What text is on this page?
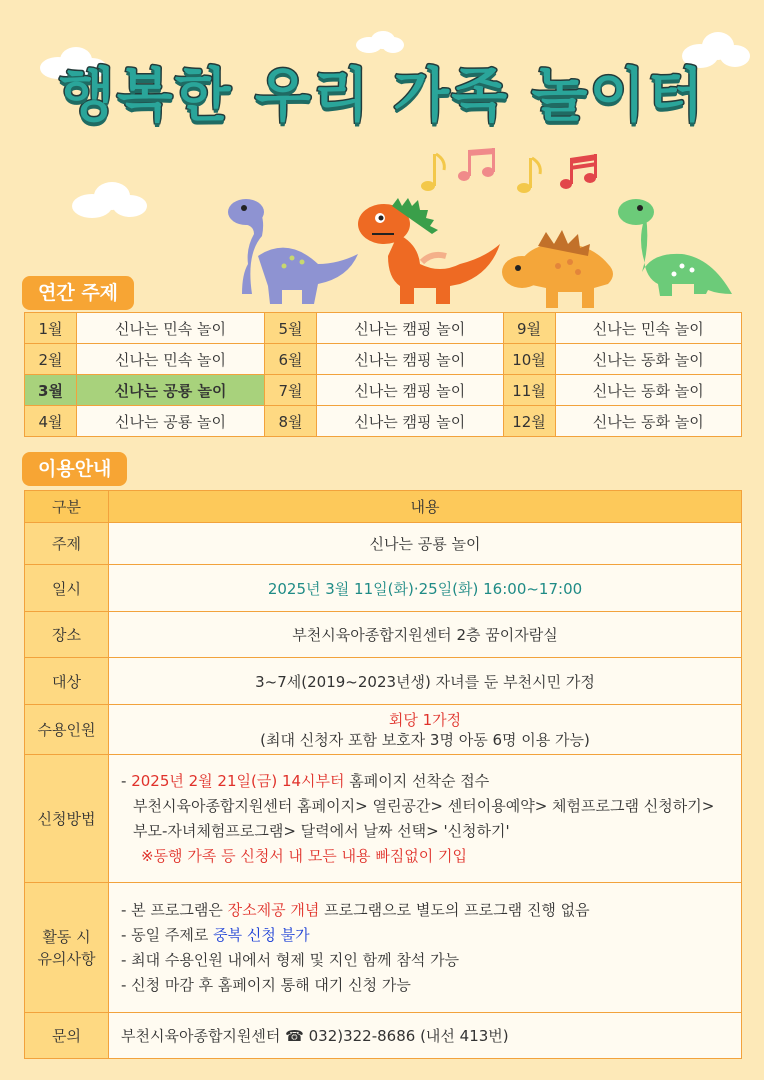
행복한 우리 가족 놀이터
연간 주제
1월	신나는 민속 놀이	5월	신나는 캠핑 놀이	9월	신나는 민속 놀이
2월	신나는 민속 놀이	6월	신나는 캠핑 놀이	10월	신나는 동화 놀이
3월	신나는 공룡 놀이	7월	신나는 캠핑 놀이	11월	신나는 동화 놀이
4월	신나는 공룡 놀이	8월	신나는 캠핑 놀이	12월	신나는 동화 놀이
이용안내
구분	내용
주제	신나는 공룡 놀이
일시	2025년 3월 11일(화)·25일(화) 16:00~17:00
장소	부천시육아종합지원센터 2층 꿈이자람실
대상	3~7세(2019~2023년생) 자녀를 둔 부천시민 가정
수용인원	회당 1가정
(최대 신청자 포함 보호자 3명 아동 6명 이용 가능)

신청방법	- 2025년 2월 21일(금) 14시부터 홈페이지 선착순 접수
부천시육아종합지원센터 홈페이지> 열린공간> 센터이용예약> 체험프로그램 신청하기>
부모-자녀체험프로그램> 달력에서 날짜 선택> '신청하기'
※동행 가족 등 신청서 내 모든 내용 빠짐없이 기입

활동 시
유의사항	- 본 프로그램은 장소제공 개념 프로그램으로 별도의 프로그램 진행 없음
- 동일 주제로 중복 신청 불가
- 최대 수용인원 내에서 형제 및 지인 함께 참석 가능
- 신청 마감 후 홈페이지 통해 대기 신청 가능

문의	부천시육아종합지원센터 ☎ 032)322-8686 (내선 413번)
